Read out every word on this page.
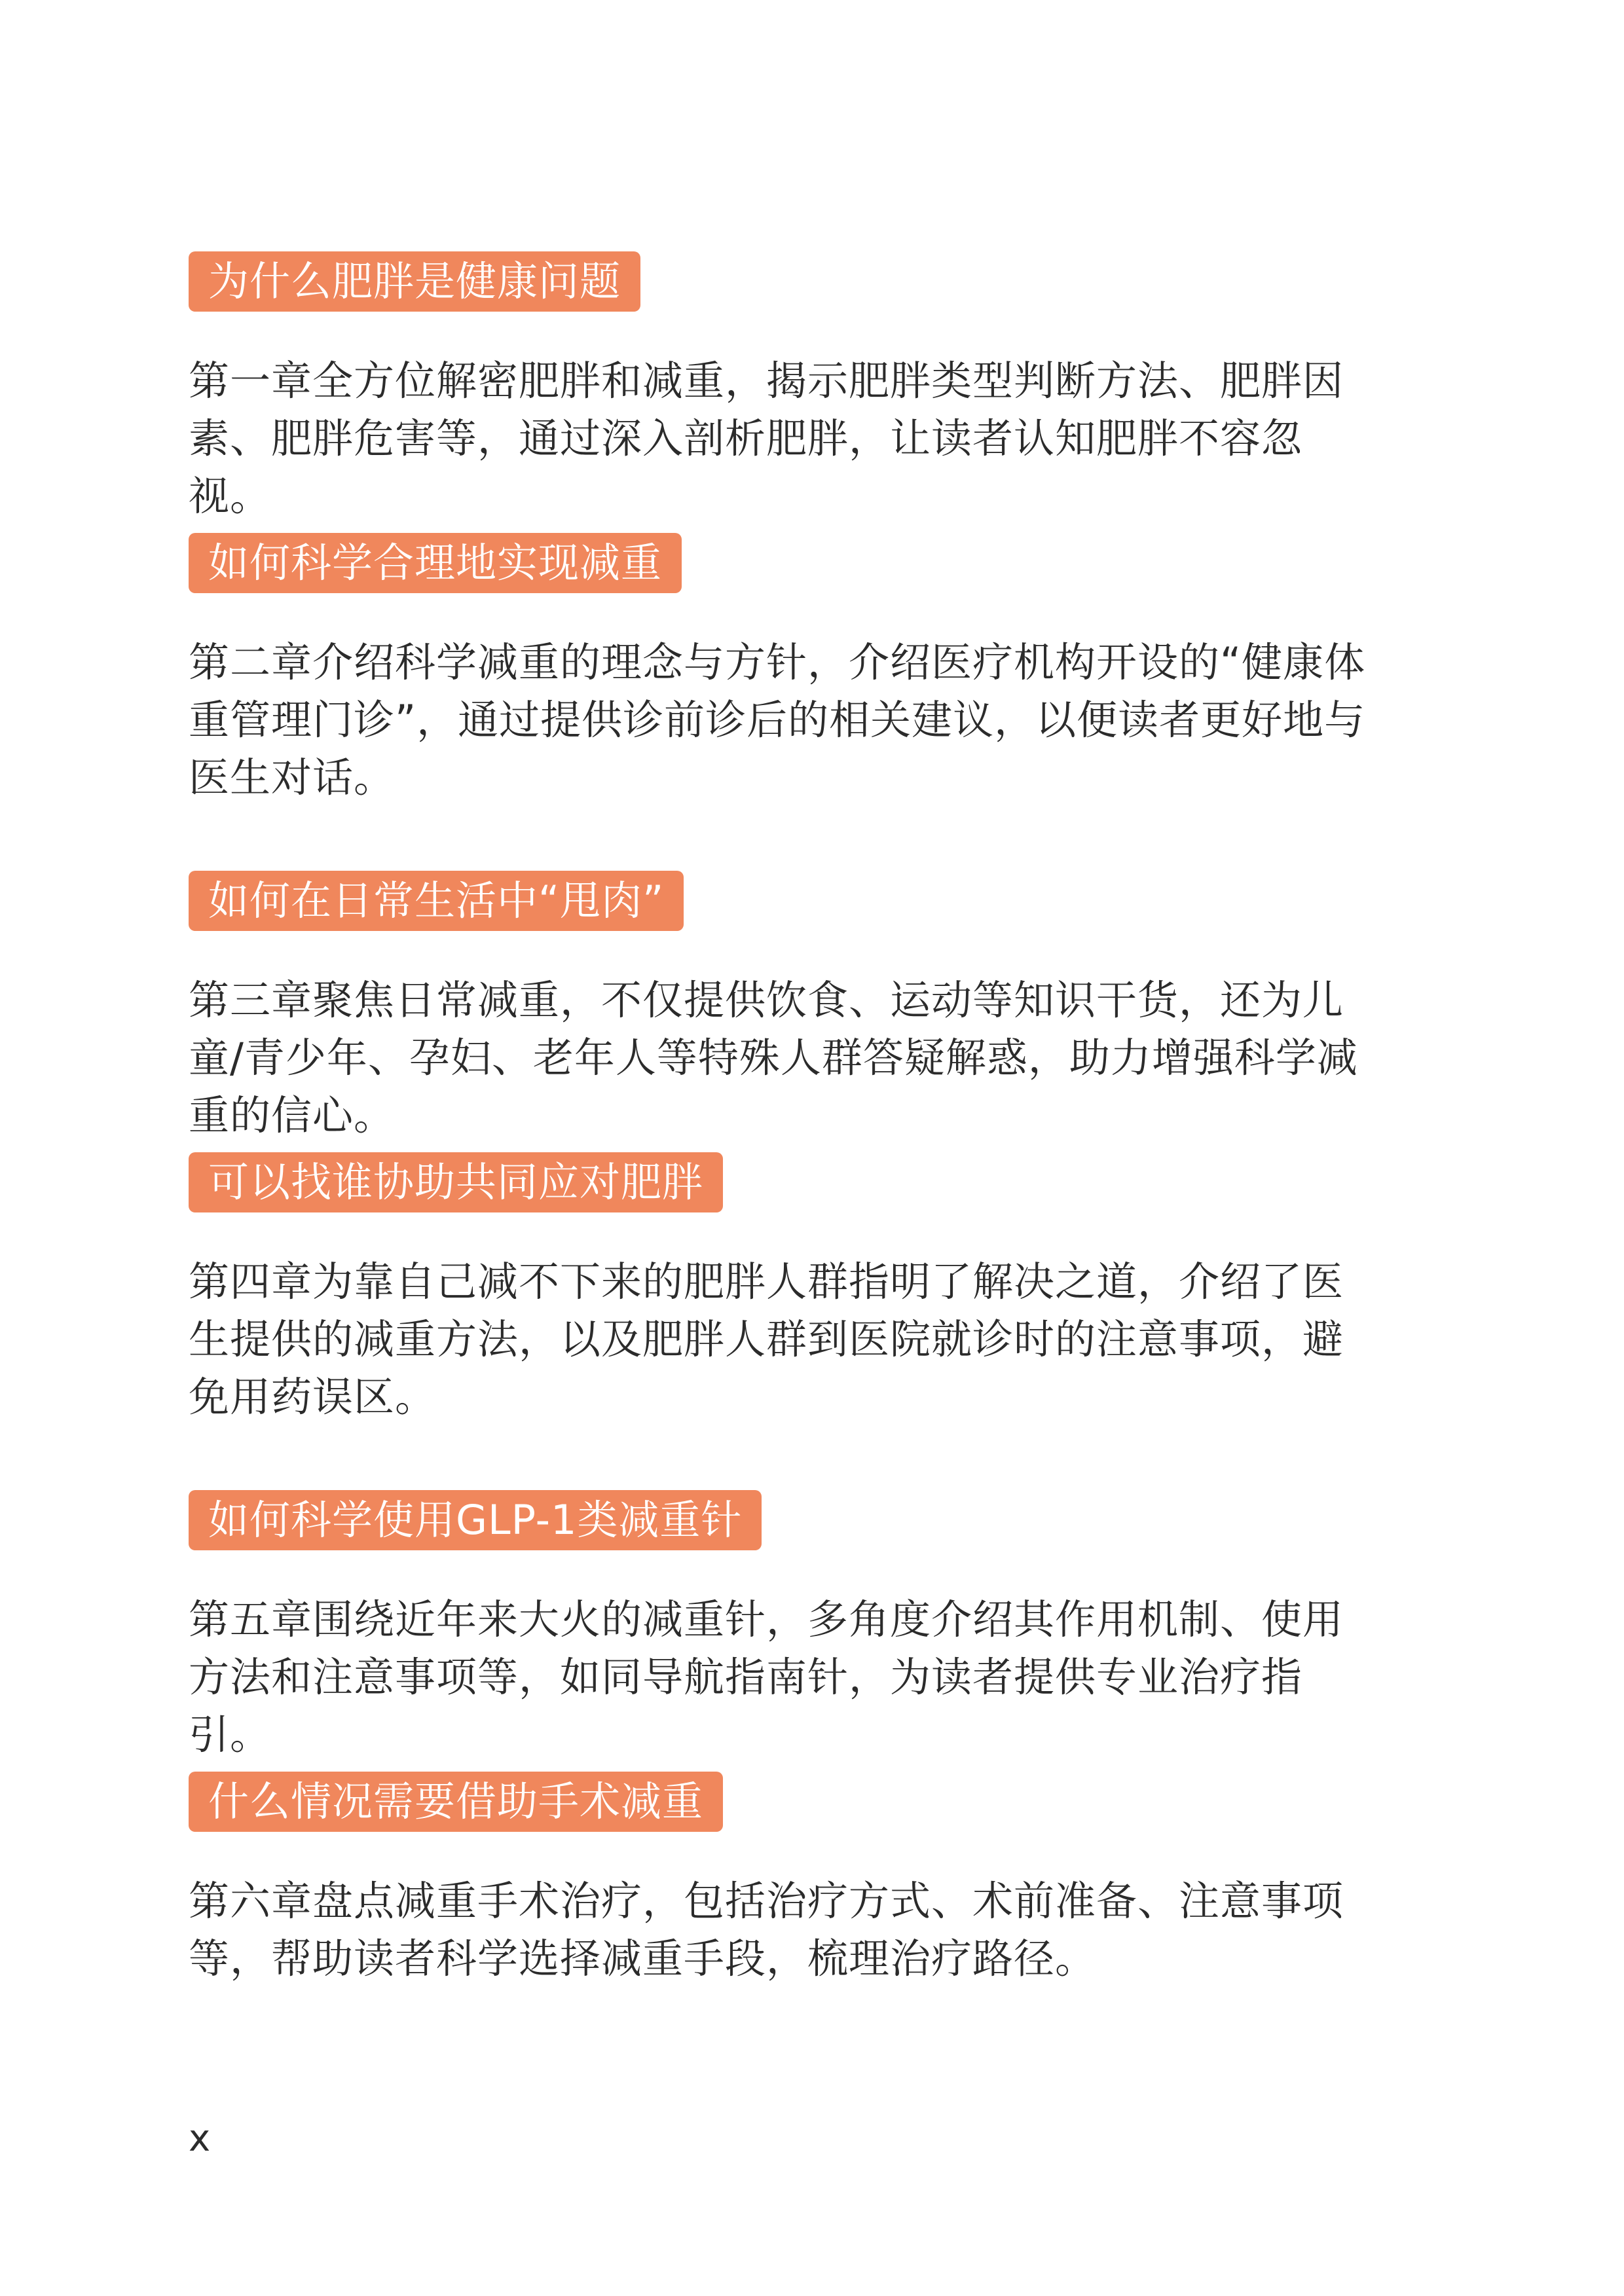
为什么肥胖是健康问题
第一章全方位解密肥胖和减重，揭示肥胖类型判断方法、肥胖因素、肥胖危害等，通过深入剖析肥胖，让读者认知肥胖不容忽视。
如何科学合理地实现减重
第二章介绍科学减重的理念与方针，介绍医疗机构开设的“健康体重管理门诊”，通过提供诊前诊后的相关建议，以便读者更好地与医生对话。
如何在日常生活中“甩肉”
第三章聚焦日常减重，不仅提供饮食、运动等知识干货，还为儿童/青少年、孕妇、老年人等特殊人群答疑解惑，助力增强科学减重的信心。
可以找谁协助共同应对肥胖
第四章为靠自己减不下来的肥胖人群指明了解决之道，介绍了医生提供的减重方法，以及肥胖人群到医院就诊时的注意事项，避免用药误区。
如何科学使用GLP-1类减重针
第五章围绕近年来大火的减重针，多角度介绍其作用机制、使用方法和注意事项等，如同导航指南针，为读者提供专业治疗指引。
什么情况需要借助手术减重
第六章盘点减重手术治疗，包括治疗方式、术前准备、注意事项等，帮助读者科学选择减重手段，梳理治疗路径。
x
